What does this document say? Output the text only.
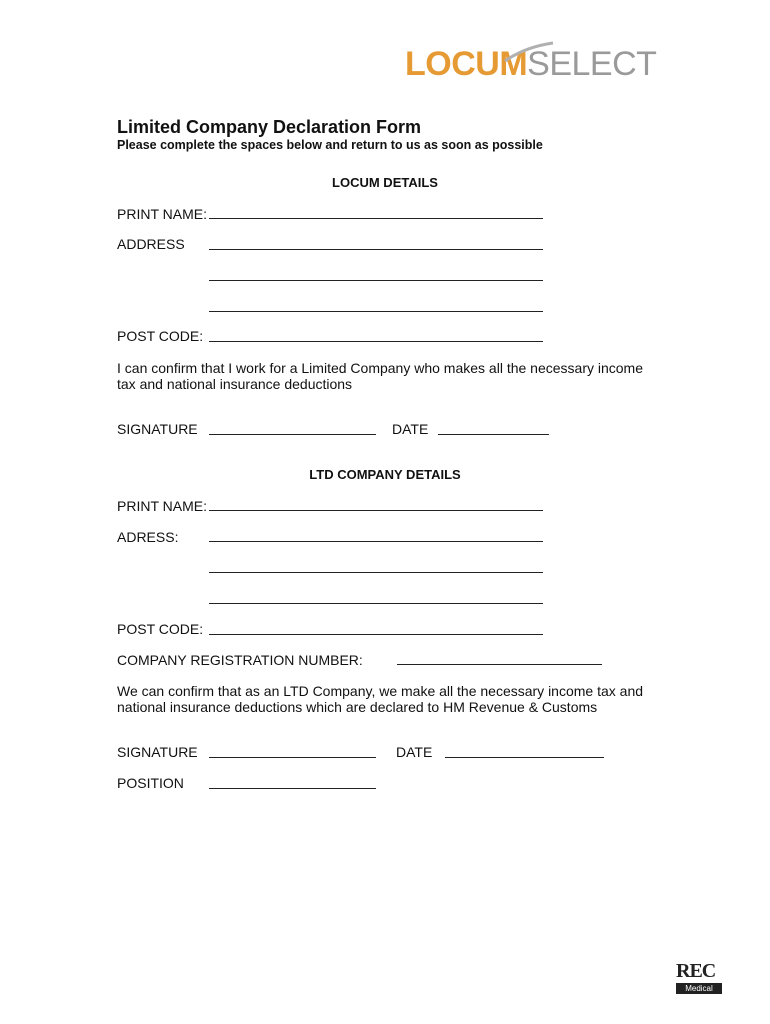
LOCUMSELECT
Limited Company Declaration Form
Please complete the spaces below and return to us as soon as possible
LOCUM DETAILS
PRINT NAME:
ADDRESS
POST CODE:
I can confirm that I work for a Limited Company who makes all the necessary income tax and national insurance deductions
SIGNATURE	DATE
LTD COMPANY DETAILS
PRINT NAME:
ADRESS:
POST CODE:
COMPANY REGISTRATION NUMBER:
We can confirm that as an LTD Company, we make all the necessary income tax and national insurance deductions which are declared to HM Revenue & Customs
SIGNATURE	DATE
POSITION
REC
Medical
